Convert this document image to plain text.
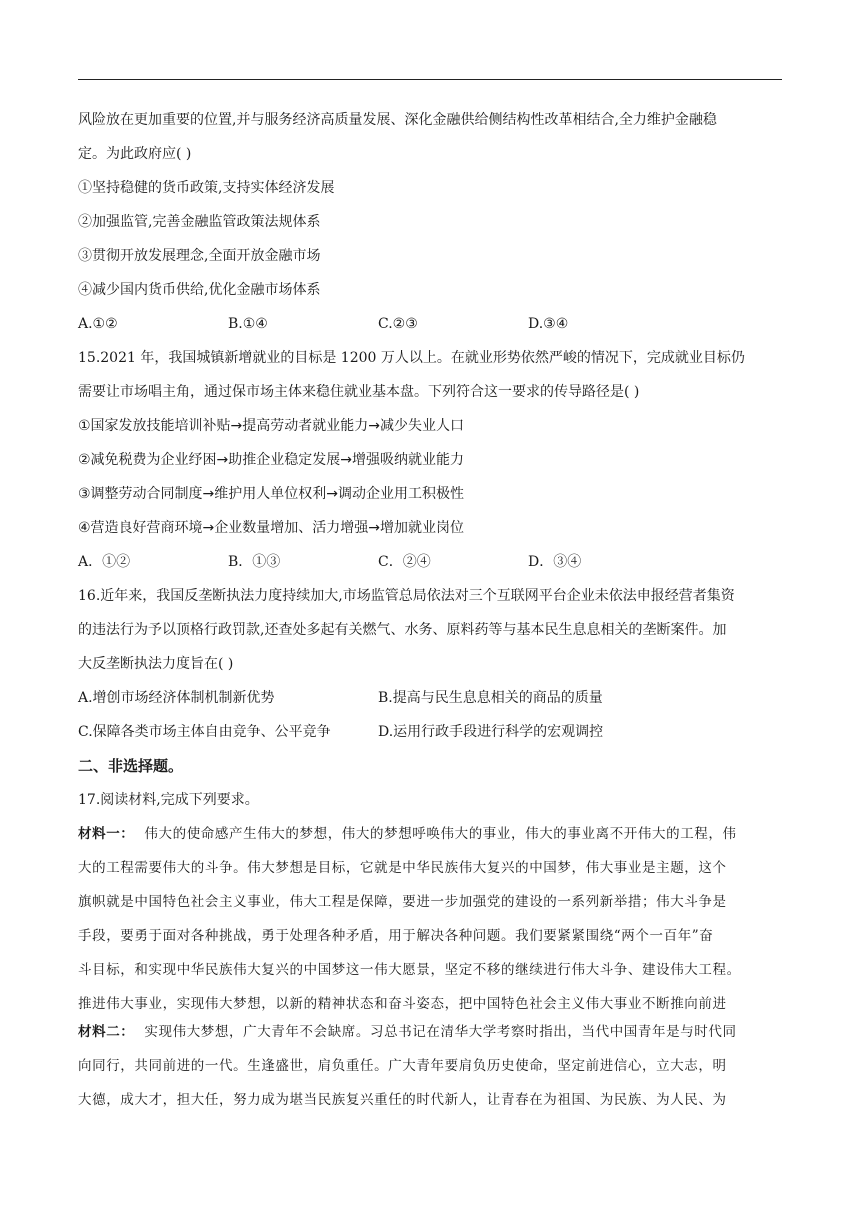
风险放在更加重要的位置,并与服务经济高质量发展、深化金融供给侧结构性改革相结合,全力维护金融稳
定。为此政府应( )
①坚持稳健的货币政策,支持实体经济发展
②加强监管,完善金融监管政策法规体系
③贯彻开放发展理念,全面开放金融市场
④减少国内货币供给,优化金融市场体系
A.①②	B.①④	C.②③	D.③④
15.2021 年，我国城镇新增就业的目标是 1200 万人以上。在就业形势依然严峻的情况下，完成就业目标仍
需要让市场唱主角，通过保市场主体来稳住就业基本盘。下列符合这一要求的传导路径是( )
①国家发放技能培训补贴→提高劳动者就业能力→减少失业人口
②减免税费为企业纾困→助推企业稳定发展→增强吸纳就业能力
③调整劳动合同制度→维护用人单位权利→调动企业用工积极性
④营造良好营商环境→企业数量增加、活力增强→增加就业岗位
A．①②	B．①③	C．②④	D．③④
16.近年来，我国反垄断执法力度持续加大,市场监管总局依法对三个互联网平台企业未依法申报经营者集资
的违法行为予以顶格行政罚款,还查处多起有关燃气、水务、原料药等与基本民生息息相关的垄断案件。加
大反垄断执法力度旨在( )
A.增创市场经济体制机制新优势	B.提高与民生息息相关的商品的质量
C.保障各类市场主体自由竞争、公平竞争	D.运用行政手段进行科学的宏观调控
二、非选择题。
17.阅读材料,完成下列要求。
材料一： 伟大的使命感产生伟大的梦想，伟大的梦想呼唤伟大的事业，伟大的事业离不开伟大的工程，伟
大的工程需要伟大的斗争。伟大梦想是目标，它就是中华民族伟大复兴的中国梦，伟大事业是主题，这个
旗帜就是中国特色社会主义事业，伟大工程是保障，要进一步加强党的建设的一系列新举措；伟大斗争是
手段，要勇于面对各种挑战，勇于处理各种矛盾，用于解决各种问题。我们要紧紧围绕“两个一百年”奋
斗目标，和实现中华民族伟大复兴的中国梦这一伟大愿景，坚定不移的继续进行伟大斗争、建设伟大工程。
推进伟大事业，实现伟大梦想，以新的精神状态和奋斗姿态，把中国特色社会主义伟大事业不断推向前进
材料二： 实现伟大梦想，广大青年不会缺席。习总书记在清华大学考察时指出，当代中国青年是与时代同
向同行，共同前进的一代。生逢盛世，肩负重任。广大青年要肩负历史使命，坚定前进信心，立大志，明
大德，成大才，担大任，努力成为堪当民族复兴重任的时代新人，让青春在为祖国、为民族、为人民、为
